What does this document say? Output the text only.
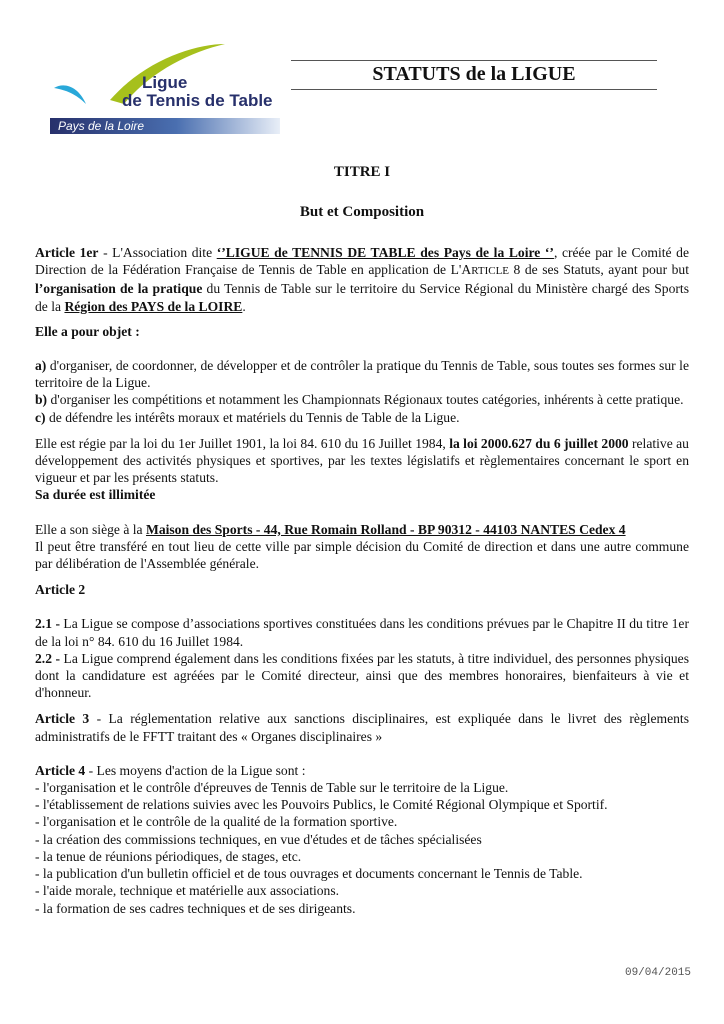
Ligue
de Tennis de Table
Pays de la Loire
STATUTS de la LIGUE
TITRE I
But et Composition

Article 1er - L'Association dite ‘’LIGUE de TENNIS DE TABLE des Pays de la Loire ‘’, créée par le Comité de Direction de la Fédération Française de Tennis de Table en application de L'ARTICLE 8 de ses Statuts, ayant pour but l’organisation de la pratique du Tennis de Table sur le territoire du Service Régional du Ministère chargé des Sports de la Région des PAYS de la LOIRE.

Elle a pour objet :

a) d'organiser, de coordonner, de développer et de contrôler la pratique du Tennis de Table, sous toutes ses formes sur le territoire de la Ligue.

b) d'organiser les compétitions et notamment les Championnats Régionaux toutes catégories, inhérents à cette pratique.

c) de défendre les intérêts moraux et matériels du Tennis de Table de la Ligue.

Elle est régie par la loi du 1er Juillet 1901, la loi 84. 610 du 16 Juillet 1984, la loi 2000.627 du 6 juillet 2000 relative au développement des activités physiques et sportives, par les textes législatifs et règlementaires concernant le sport en vigueur et par les présents statuts.

Sa durée est illimitée

Elle a son siège à la Maison des Sports - 44, Rue Romain Rolland - BP 90312 - 44103 NANTES Cedex 4

Il peut être transféré en tout lieu de cette ville par simple décision du Comité de direction et dans une autre commune par délibération de l'Assemblée générale.

Article 2

2.1 - La Ligue se compose d’associations sportives constituées dans les conditions prévues par le Chapitre II du titre 1er de la loi n° 84. 610 du 16 Juillet 1984.

2.2 - La Ligue comprend également dans les conditions fixées par les statuts, à titre individuel, des personnes physiques dont la candidature est agréées par le Comité directeur, ainsi que des membres honoraires, bienfaiteurs à vie et d'honneur.

Article 3 - La réglementation relative aux sanctions disciplinaires, est expliquée dans le livret des règlements administratifs de le FFTT traitant des « Organes disciplinaires »

Article 4 - Les moyens d'action de la Ligue sont :

- l'organisation et le contrôle d'épreuves de Tennis de Table sur le territoire de la Ligue.

- l'établissement de relations suivies avec les Pouvoirs Publics, le Comité Régional Olympique et Sportif.

- l'organisation et le contrôle de la qualité de la formation sportive.

- la création des commissions techniques, en vue d'études et de tâches spécialisées

- la tenue de réunions périodiques, de stages, etc.

- la publication d'un bulletin officiel et de tous ouvrages et documents concernant le Tennis de Table.

- l'aide morale, technique et matérielle aux associations.

- la formation de ses cadres techniques et de ses dirigeants.

09/04/2015
